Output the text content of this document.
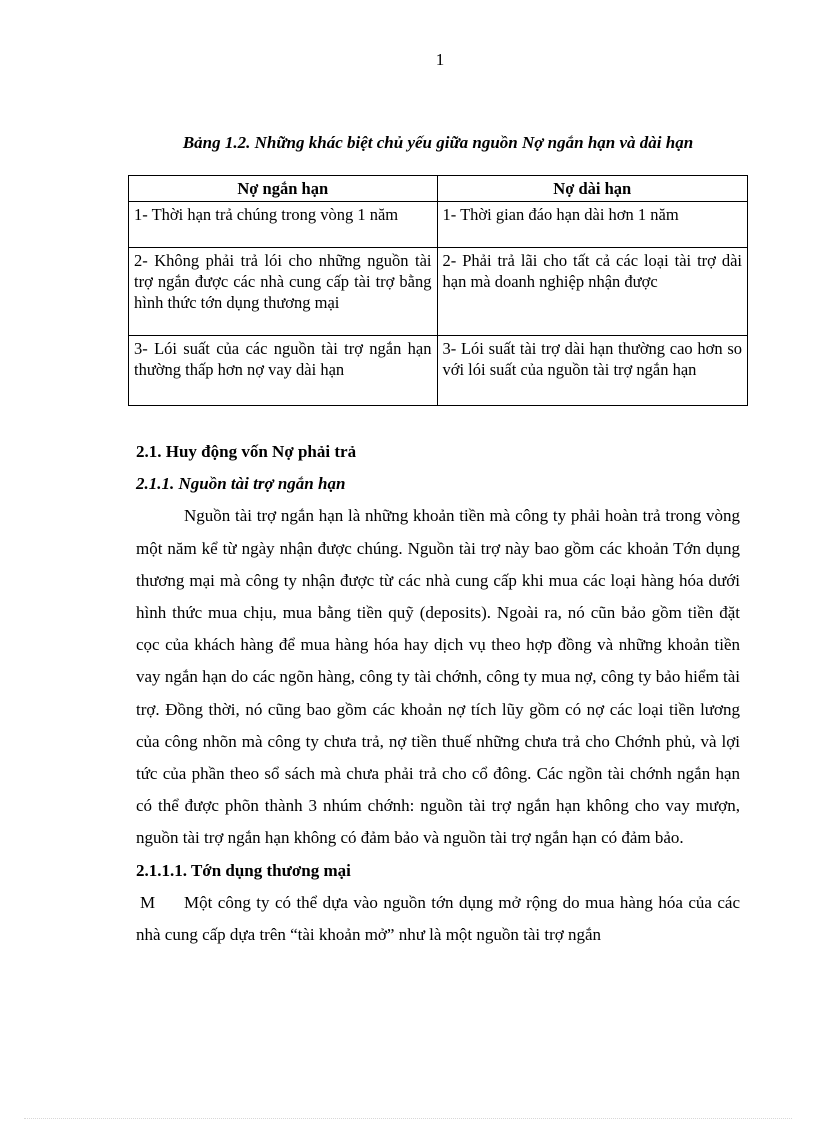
1
Bảng 1.2. Những khác biệt chủ yếu giữa nguồn Nợ ngắn hạn và dài hạn
Nợ ngắn hạn	Nợ dài hạn
1- Thời hạn trả chúng trong vòng 1 năm	1- Thời gian đáo hạn dài hơn 1 năm
2- Không phải trả lói cho những nguồn tài trợ ngắn được các nhà cung cấp tài trợ bằng hình thức tớn dụng thương mại	2- Phải trả lãi cho tất cả các loại tài trợ dài hạn mà doanh nghiệp nhận được
3- Lói suất của các nguồn tài trợ ngắn hạn thường thấp hơn nợ vay dài hạn	3- Lói suất tài trợ dài hạn thường cao hơn so với lói suất của nguồn tài trợ ngắn hạn
2.1. Huy động vốn Nợ phải trả
2.1.1. Nguồn tài trợ ngắn hạn

Nguồn tài trợ ngắn hạn là những khoản tiền mà công ty phải hoàn trả trong vòng một năm kể từ ngày nhận được chúng. Nguồn tài trợ này bao gồm các khoản Tớn dụng thương mại mà công ty nhận được từ các nhà cung cấp khi mua các loại hàng hóa dưới hình thức mua chịu, mua bằng tiền quỹ (deposits). Ngoài ra, nó cũn bảo gồm tiền đặt cọc của khách hàng để mua hàng hóa hay dịch vụ theo hợp đồng và những khoản tiền vay ngắn hạn do các ngõn hàng, công ty tài chớnh, công ty mua nợ, công ty bảo hiểm tài trợ. Đồng thời, nó cũng bao gồm các khoản nợ tích lũy gồm có nợ các loại tiền lương của công nhõn mà công ty chưa trả, nợ tiền thuế những chưa trả cho Chớnh phủ, và lợi tức của phần theo sổ sách mà chưa phải trả cho cổ đông. Các ngồn tài chớnh ngắn hạn có thể được phõn thành 3 nhúm chớnh: nguồn tài trợ ngắn hạn không cho vay mượn, nguồn tài trợ ngắn hạn không có đảm bảo và nguồn tài trợ ngắn hạn có đảm bảo.

2.1.1.1. Tớn dụng thương mại

M Một công ty có thể dựa vào nguồn tớn dụng mở rộng do mua hàng hóa của các nhà cung cấp dựa trên “tài khoản mở” như là một nguồn tài trợ ngắn
